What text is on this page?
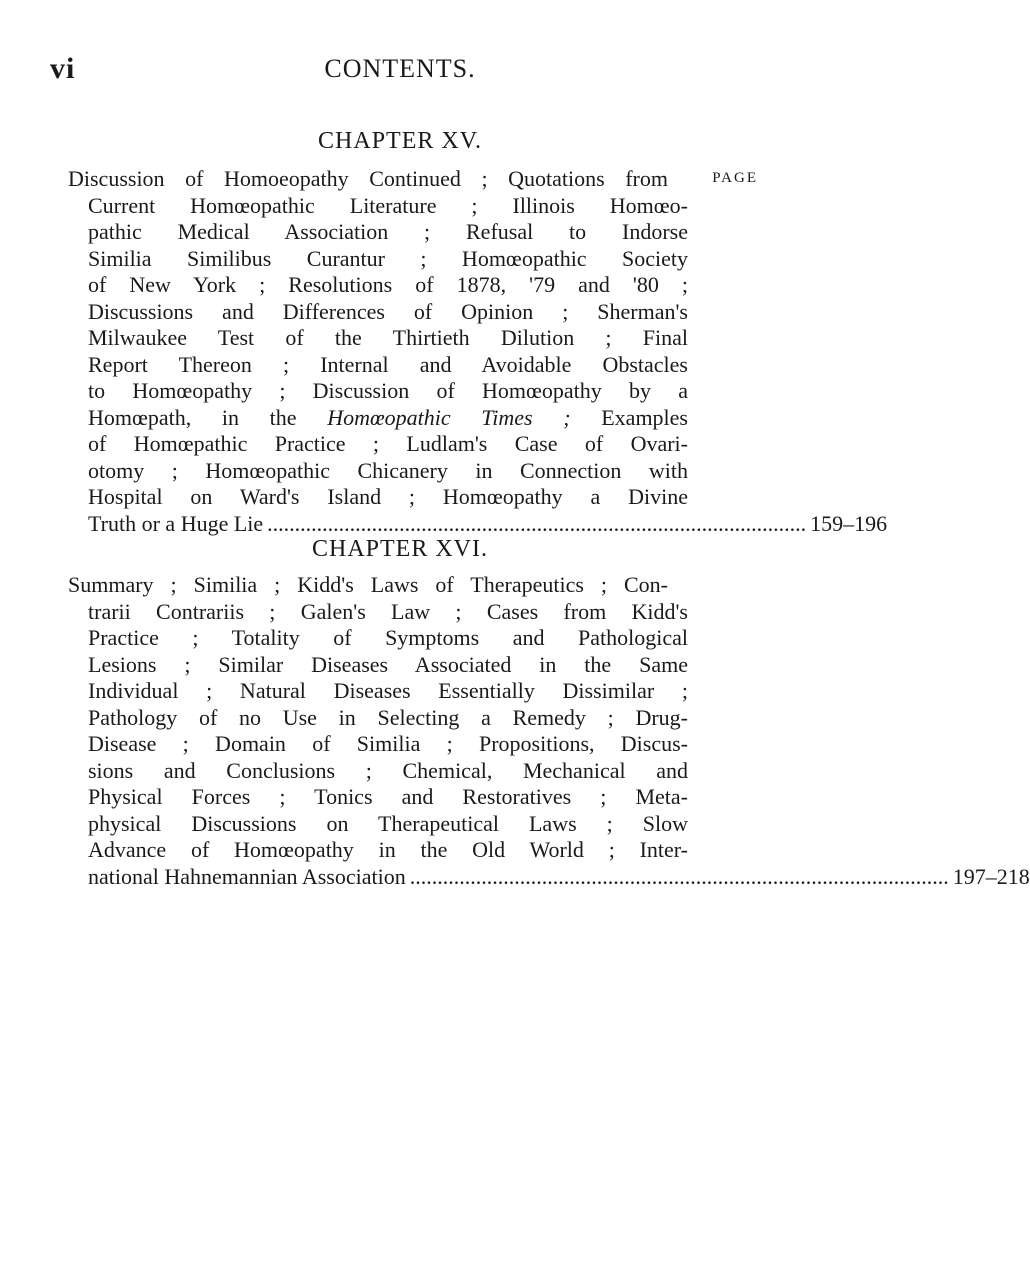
vi	CONTENTS.
CHAPTER XV.
PAGE
Discussion of Homoeopathy Continued ; Quotations from
Current Homœopathic Literature ; Illinois Homœo-
pathic Medical Association ; Refusal to Indorse
Similia Similibus Curantur ; Homœopathic Society
of New York ; Resolutions of 1878, '79 and '80 ;
Discussions and Differences of Opinion ; Sherman's
Milwaukee Test of the Thirtieth Dilution ; Final
Report Thereon ; Internal and Avoidable Obstacles
to Homœopathy ; Discussion of Homœopathy by a
Homœpath, in the Homœopathic Times ; Examples
of Homœpathic Practice ; Ludlam's Case of Ovari-
otomy ; Homœopathic Chicanery in Connection with
Hospital on Ward's Island ; Homœopathy a Divine
Truth or a Huge Lie .................................................................................................. 159–196
CHAPTER XVI.
Summary ; Similia ; Kidd's Laws of Therapeutics ; Con-
trarii Contrariis ; Galen's Law ; Cases from Kidd's
Practice ; Totality of Symptoms and Pathological
Lesions ; Similar Diseases Associated in the Same
Individual ; Natural Diseases Essentially Dissimilar ;
Pathology of no Use in Selecting a Remedy ; Drug-
Disease ; Domain of Similia ; Propositions, Discus-
sions and Conclusions ; Chemical, Mechanical and
Physical Forces ; Tonics and Restoratives ; Meta-
physical Discussions on Therapeutical Laws ; Slow
Advance of Homœopathy in the Old World ; Inter-
national Hahnemannian Association .................................................................................................. 197–218
